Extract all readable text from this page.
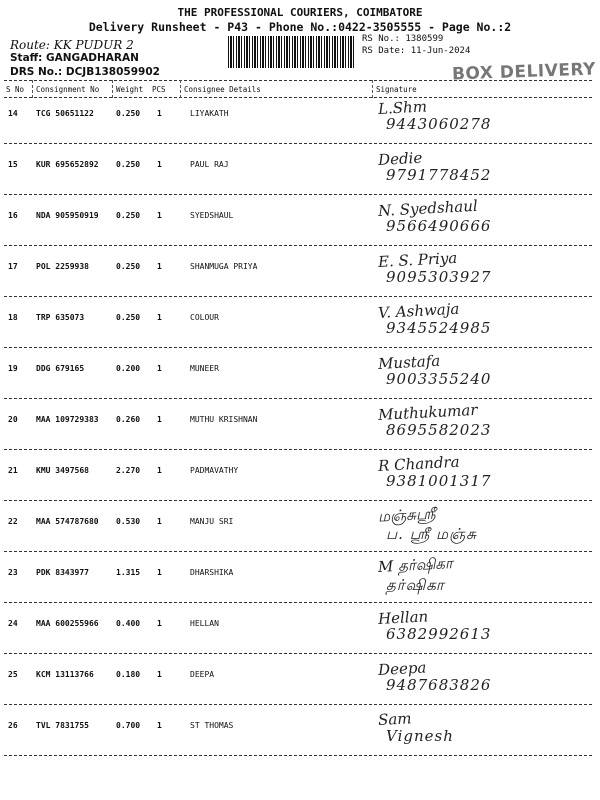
THE PROFESSIONAL COURIERS, COIMBATORE
Delivery Runsheet - P43 - Phone No.:0422-3505555 - Page No.:2
Route: KK PUDUR 2
Staff: GANGADHARAN
DRS No.: DCJB138059902
RS No.: 1380599
RS Date: 11-Jun-2024
BOX DELIVERY
S No Consignment No Weight PCS Consignee Details	Signature
14 TCG 50651122	0.250 1	LIYAKATH	L.Shm
9443060278
15 KUR 695652892 0.250 1	PAUL RAJ	Dedie
9791778452
16 NDA 905950919 0.250 1	SYEDSHAUL	N. Syedshaul
9566490666
17 POL 2259938	0.250 1	SHANMUGA PRIYA	E. S. Priya
9095303927
18 TRP 635073	0.250 1	COLOUR	V. Ashwaja
9345524985
19 DDG 679165	0.200 1	MUNEER	Mustafa
9003355240
20 MAA 109729383 0.260 1	MUTHU KRISHNAN	Muthukumar
8695582023
21 KMU 3497568	2.270 1	PADMAVATHY	R Chandra
9381001317
22 MAA 574787680 0.530 1	MANJU SRI	மஞ்சுஸ்ரீ
ப. ஸ்ரீ மஞ்சு
23 PDK 8343977	1.315 1	DHARSHIKA	M தர்ஷிகா
தர்ஷிகா
24 MAA 600255966 0.400 1	HELLAN	Hellan
6382992613
25 KCM 13113766	0.180 1	DEEPA	Deepa
9487683826
26 TVL 7831755	0.700 1	ST THOMAS	Sam
Vignesh
